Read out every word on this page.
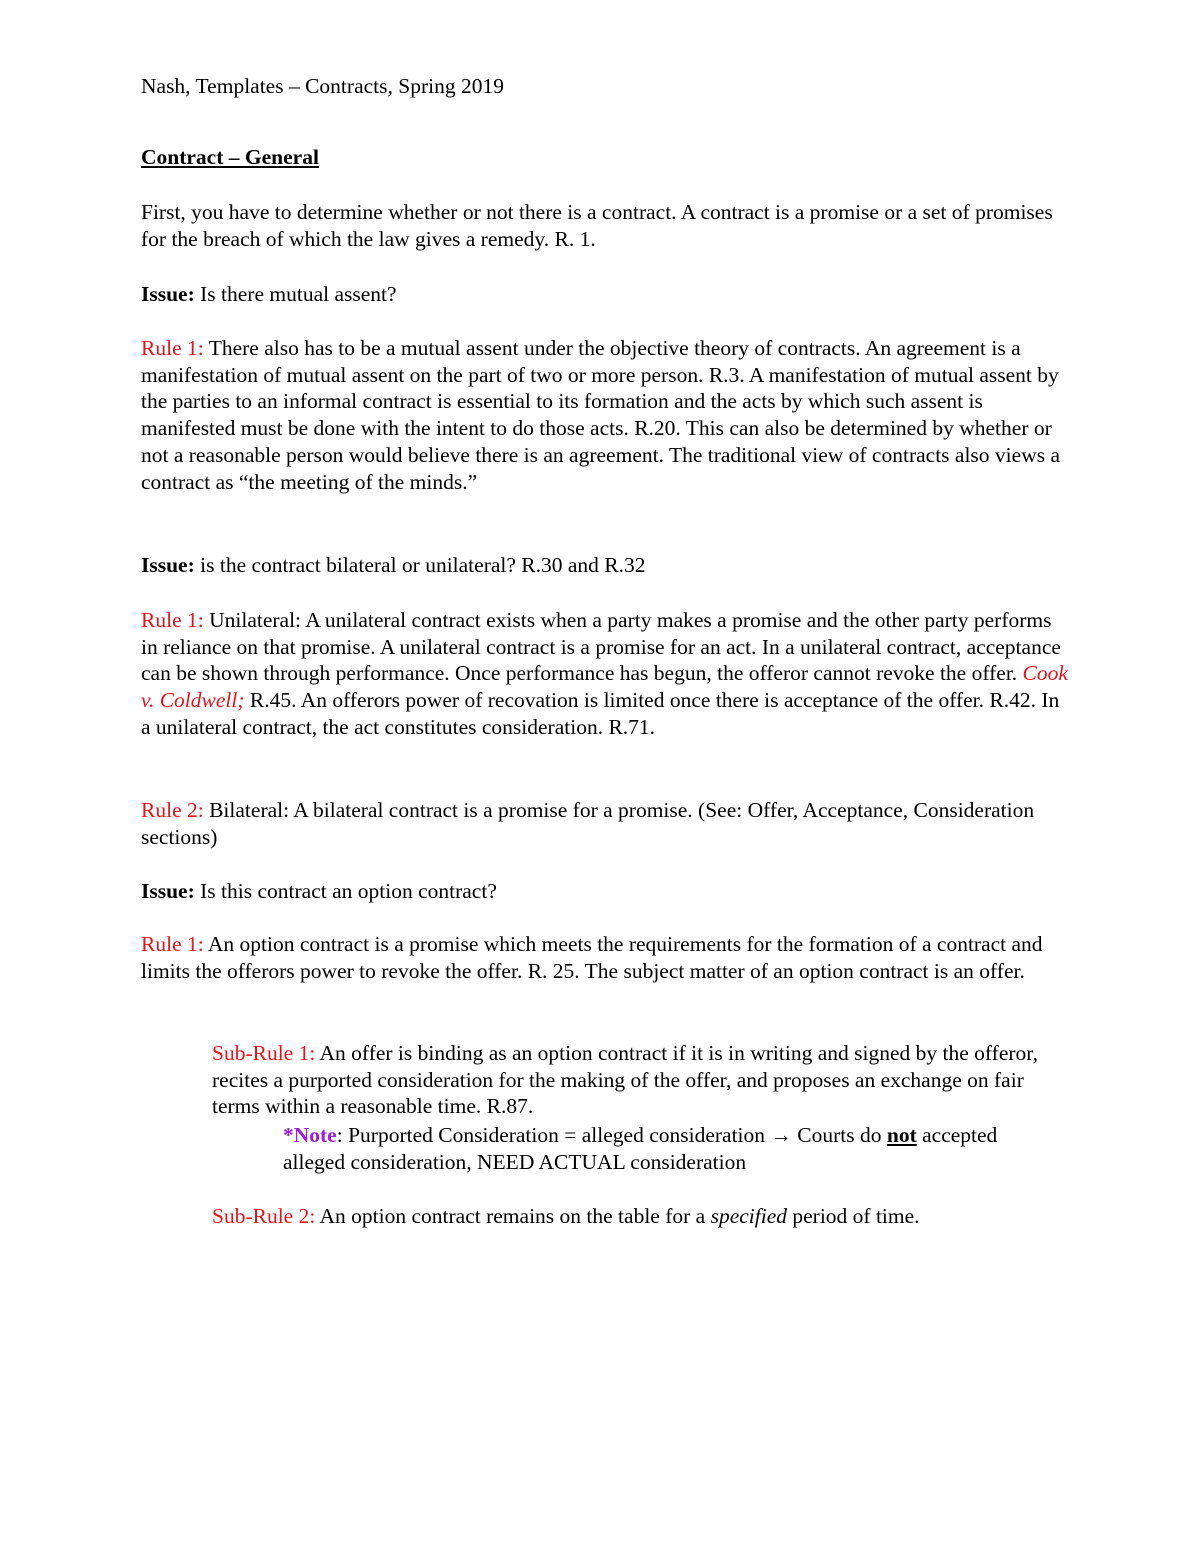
Nash, Templates – Contracts, Spring 2019

Contract – General

First, you have to determine whether or not there is a contract. A contract is a promise or a set of promises for the breach of which the law gives a remedy. R. 1.

Issue: Is there mutual assent?

Rule 1: There also has to be a mutual assent under the objective theory of contracts. An agreement is a manifestation of mutual assent on the part of two or more person. R.3. A manifestation of mutual assent by the parties to an informal contract is essential to its formation and the acts by which such assent is manifested must be done with the intent to do those acts. R.20. This can also be determined by whether or not a reasonable person would believe there is an agreement. The traditional view of contracts also views a contract as “the meeting of the minds.”

Issue: is the contract bilateral or unilateral? R.30 and R.32

Rule 1: Unilateral: A unilateral contract exists when a party makes a promise and the other party performs in reliance on that promise. A unilateral contract is a promise for an act. In a unilateral contract, acceptance can be shown through performance. Once performance has begun, the offeror cannot revoke the offer. Cook v. Coldwell; R.45. An offerors power of recovation is limited once there is acceptance of the offer. R.42. In a unilateral contract, the act constitutes consideration. R.71.

Rule 2: Bilateral: A bilateral contract is a promise for a promise. (See: Offer, Acceptance, Consideration sections)

Issue: Is this contract an option contract?

Rule 1: An option contract is a promise which meets the requirements for the formation of a contract and limits the offerors power to revoke the offer. R. 25. The subject matter of an option contract is an offer.

Sub-Rule 1: An offer is binding as an option contract if it is in writing and signed by the offeror, recites a purported consideration for the making of the offer, and proposes an exchange on fair terms within a reasonable time. R.87.

*Note: Purported Consideration = alleged consideration → Courts do not accepted alleged consideration, NEED ACTUAL consideration

Sub-Rule 2: An option contract remains on the table for a specified period of time.
